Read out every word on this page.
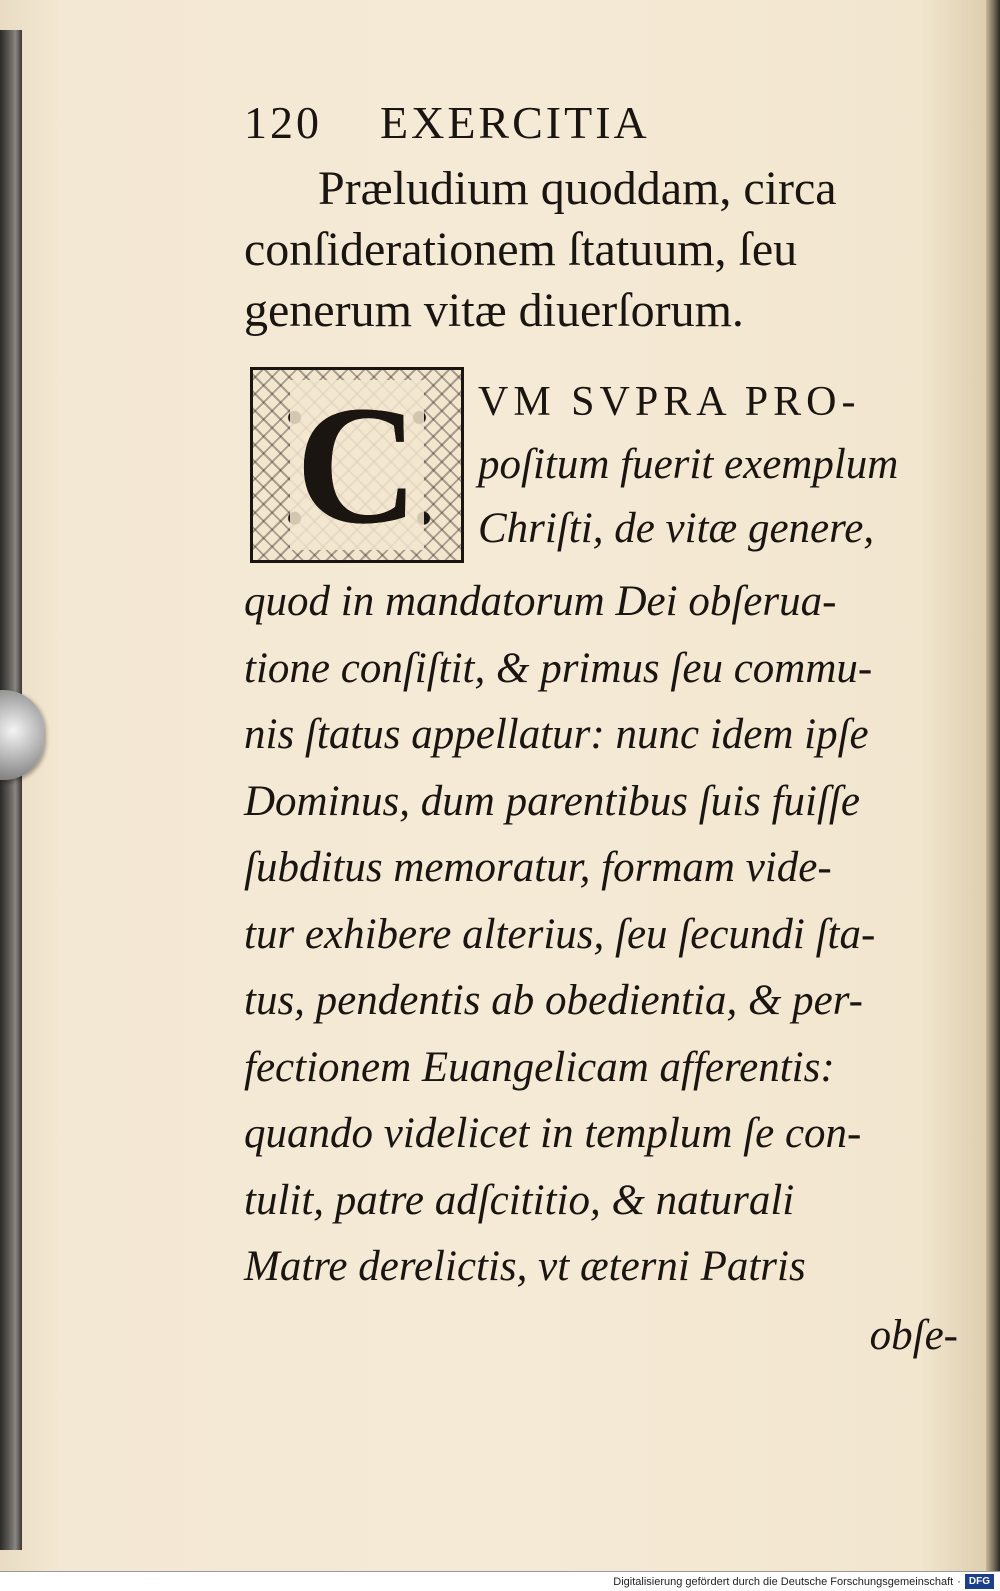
120 EXERCITIA
Præludium quoddam, circa
conſiderationem ſtatuum, ſeu
generum vitæ diuerſorum.
C VM SVPRA PRO-
poſitum fuerit exemplum
Chriſti, de vitæ genere,
quod in mandatorum Dei obſerua-
tione conſiſtit, & primus ſeu commu-
nis ſtatus appellatur: nunc idem ipſe
Dominus, dum parentibus ſuis fuiſſe
ſubditus memoratur, formam vide-
tur exhibere alterius, ſeu ſecundi ſta-
tus, pendentis ab obedientia, & per-
fectionem Euangelicam afferentis:
quando videlicet in templum ſe con-
tulit, patre adſcititio, & naturali
Matre derelictis, vt æterni Patris
obſe-
Digitalisierung gefördert durch die Deutsche Forschungsgemeinschaft · DFG
